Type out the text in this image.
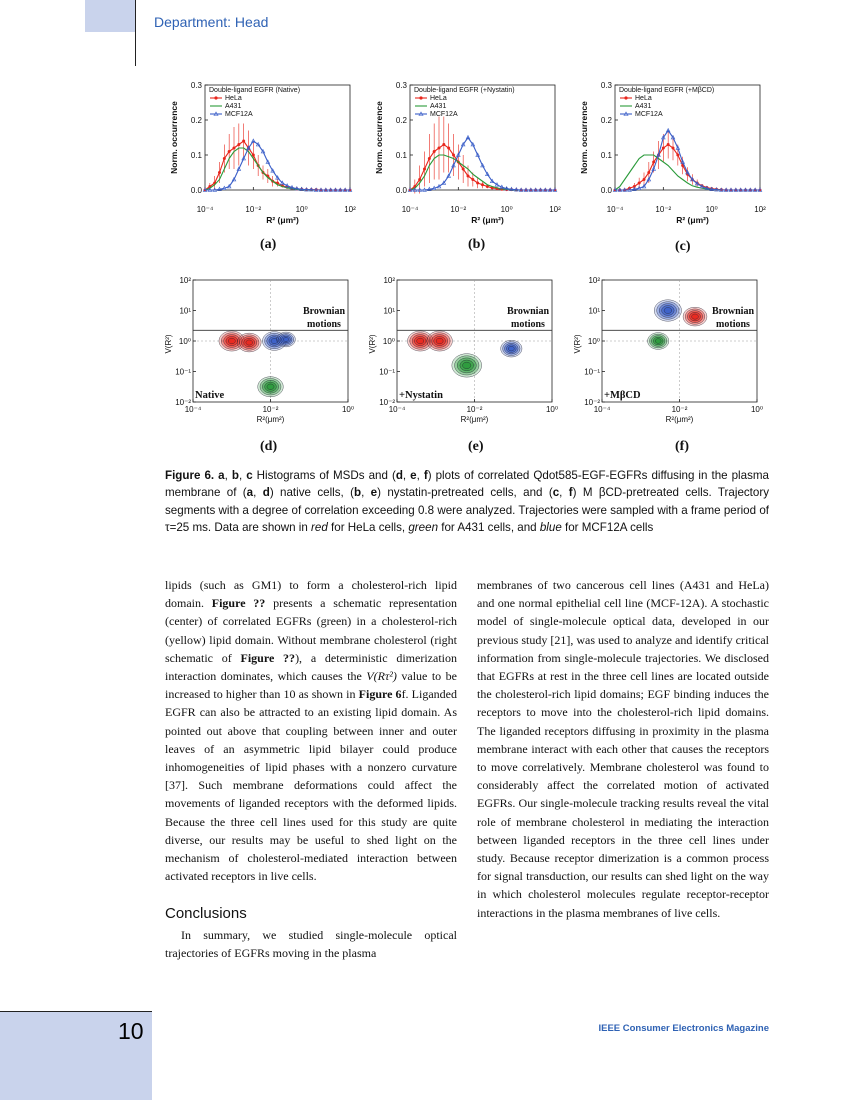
Department: Head
0.0
0.1
0.2
0.3
10⁻⁴	10⁻²	10⁰	10²
Norm. occurrence
R² (μm²)
Double-ligand EGFR (Native)
HeLa
A431
MCF12A
0.0
0.1
0.2
0.3
10⁻⁴	10⁻²	10⁰	10²
Norm. occurrence
R² (μm²)
Double-ligand EGFR (+Nystatin)
HeLa
A431
MCF12A
0.0
0.1
0.2
0.3
10⁻⁴	10⁻²	10⁰	10²
Norm. occurrence
R² (μm²)
Double-ligand EGFR (+MβCD)
HeLa
A431
MCF12A
(a)	(b)	(c)
10⁻²
10⁻¹
10⁰
10¹
10²
10⁻⁴	10⁻²	10⁰
V(R²)
R²(μm²)
Brownian
motions
Native
10⁻²
10⁻¹
10⁰
10¹
10²
10⁻⁴	10⁻²	10⁰
V(R²)
R²(μm²)
Brownian
motions
+Nystatin
10⁻²
10⁻¹
10⁰
10¹
10²
10⁻⁴	10⁻²	10⁰
V(R²)
R²(μm²)
Brownian
motions
+MβCD
(d)	(e)	(f)
Figure 6. a, b, c Histograms of MSDs and (d, e, f) plots of correlated Qdot585-EGF-EGFRs diffusing in the plasma membrane of (a, d) native cells, (b, e) nystatin-pretreated cells, and (c, f) M βCD-pretreated cells. Trajectory segments with a degree of correlation exceeding 0.8 were analyzed. Trajectories were sampled with a frame period of τ=25 ms. Data are shown in red for HeLa cells, green for A431 cells, and blue for MCF12A cells

lipids (such as GM1) to form a cholesterol-rich lipid domain. Figure ?? presents a schematic representation (center) of correlated EGFRs (green) in a cholesterol-rich (yellow) lipid domain. Without membrane cholesterol (right schematic of Figure ??), a deterministic dimerization interaction dominates, which causes the V(Rτ²) value to be increased to higher than 10 as shown in Figure 6f. Liganded EGFR can also be attracted to an existing lipid domain. As pointed out above that coupling between inner and outer leaves of an asymmetric lipid bilayer could produce inhomogeneities of lipid phases with a nonzero curvature [37]. Such membrane deformations could affect the movements of liganded receptors with the deformed lipids. Because the three cell lines used for this study are quite diverse, our results may be useful to shed light on the mechanism of cholesterol-mediated interaction between activated receptors in live cells.

Conclusions

In summary, we studied single-molecule optical trajectories of EGFRs moving in the plasma

membranes of two cancerous cell lines (A431 and HeLa) and one normal epithelial cell line (MCF-12A). A stochastic model of single-molecule optical data, developed in our previous study [21], was used to analyze and identify critical information from single-molecule trajectories. We disclosed that EGFRs at rest in the three cell lines are located outside the cholesterol-rich lipid domains; EGF binding induces the receptors to move into the cholesterol-rich lipid domains. The liganded receptors diffusing in proximity in the plasma membrane interact with each other that causes the receptors to move correlatively. Membrane cholesterol was found to considerably affect the correlated motion of activated EGFRs. Our single-molecule tracking results reveal the vital role of membrane cholesterol in mediating the interaction between liganded receptors in the three cell lines under study. Because receptor dimerization is a common process for signal transduction, our results can shed light on the way in which cholesterol molecules regulate receptor-receptor interactions in the plasma membranes of live cells.

10	IEEE Consumer Electronics Magazine
